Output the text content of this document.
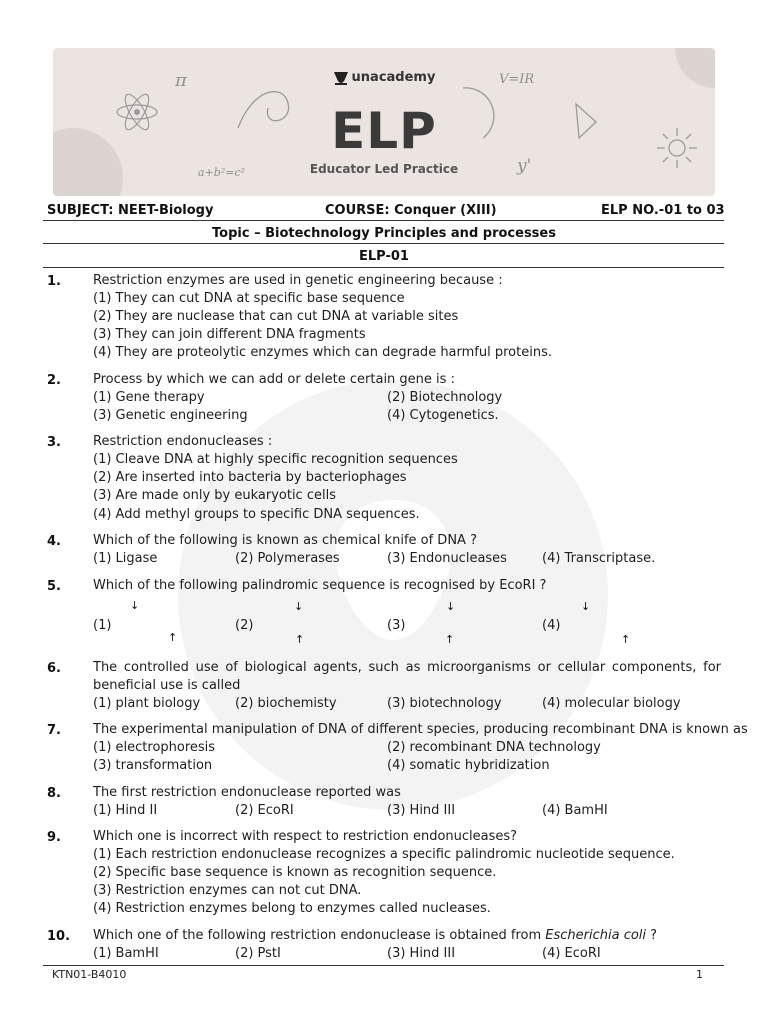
π	V=IR
a+b²=c²	y'
unacademy
ELP
Educator Led Practice
SUBJECT: NEET-Biology	COURSE: Conquer (XIII)	ELP NO.-01 to 03
Topic – Biotechnology Principles and processes
ELP-01
1. Restriction enzymes are used in genetic engineering because :
(1) They can cut DNA at specific base sequence
(2) They are nuclease that can cut DNA at variable sites
(3) They can join different DNA fragments
(4) They are proteolytic enzymes which can degrade harmful proteins.
2. Process by which we can add or delete certain gene is :
(1) Gene therapy	(2) Biotechnology
(3) Genetic engineering	(4) Cytogenetics.
3. Restriction endonucleases :
(1) Cleave DNA at highly specific recognition sequences
(2) Are inserted into bacteria by bacteriophages
(3) Are made only by eukaryotic cells
(4) Add methyl groups to specific DNA sequences.
4. Which of the following is known as chemical knife of DNA ?
(1) Ligase	(2) Polymerases	(3) Endonucleases	(4) Transcriptase.
5. Which of the following palindromic sequence is recognised by EcoRI ?
↓	↓	↓	↓
(1)	(2)	(3)	(4)
↑	↑	↑	↑
6. The controlled use of biological agents, such as microorganisms or cellular components, for
beneficial use is called
(1) plant biology	(2) biochemisty	(3) biotechnology	(4) molecular biology
7. The experimental manipulation of DNA of different species, producing recombinant DNA is known as
(1) electrophoresis	(2) recombinant DNA technology
(3) transformation	(4) somatic hybridization
8. The first restriction endonuclease reported was
(1) Hind II	(2) EcoRI	(3) Hind III	(4) BamHI
9. Which one is incorrect with respect to restriction endonucleases?
(1) Each restriction endonuclease recognizes a specific palindromic nucleotide sequence.
(2) Specific base sequence is known as recognition sequence.
(3) Restriction enzymes can not cut DNA.
(4) Restriction enzymes belong to enzymes called nucleases.
10. Which one of the following restriction endonuclease is obtained from Escherichia coli ?
(1) BamHI	(2) PstI	(3) Hind III	(4) EcoRI
KTN01-B4010	1
